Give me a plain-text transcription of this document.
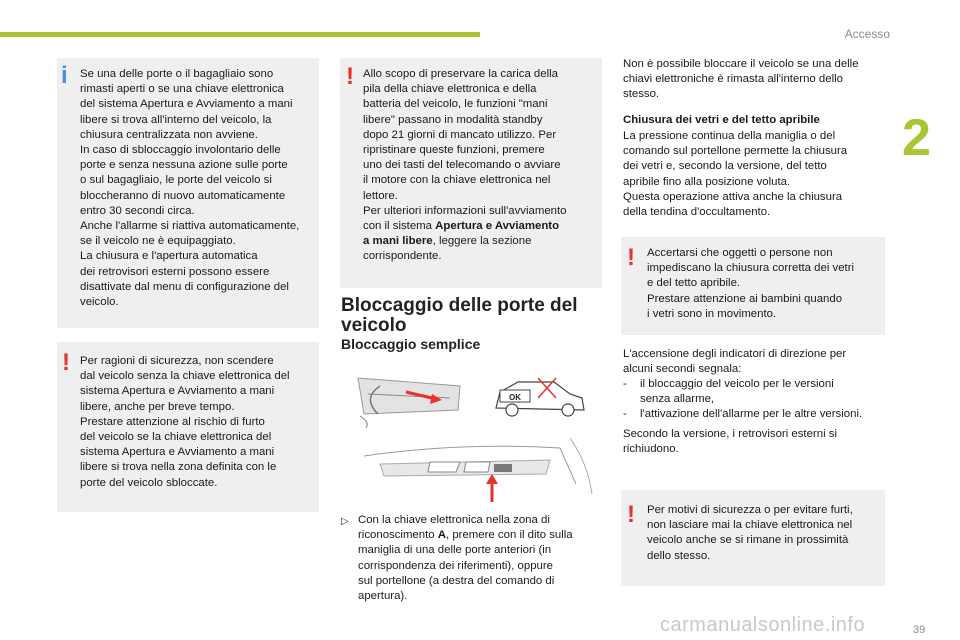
Accesso
2
i Se una delle porte o il bagagliaio sono
rimasti aperti o se una chiave elettronica
del sistema Apertura e Avviamento a mani
libere si trova all'interno del veicolo, la
chiusura centralizzata non avviene.

In caso di sbloccaggio involontario delle
porte e senza nessuna azione sulle porte
o sul bagagliaio, le porte del veicolo si
bloccheranno di nuovo automaticamente
entro 30 secondi circa.

Anche l'allarme si riattiva automaticamente,
se il veicolo ne è equipaggiato.

La chiusura e l'apertura automatica
dei retrovisori esterni possono essere
disattivate dal menu di configurazione del
veicolo.

! Per ragioni di sicurezza, non scendere
dal veicolo senza la chiave elettronica del
sistema Apertura e Avviamento a mani
libere, anche per breve tempo.

Prestare attenzione al rischio di furto
del veicolo se la chiave elettronica del
sistema Apertura e Avviamento a mani
libere si trova nella zona definita con le
porte del veicolo sbloccate.

! Allo scopo di preservare la carica della
pila della chiave elettronica e della
batteria del veicolo, le funzioni "mani
libere" passano in modalità standby
dopo 21 giorni di mancato utilizzo. Per
ripristinare queste funzioni, premere
uno dei tasti del telecomando o avviare
il motore con la chiave elettronica nel
lettore.

Per ulteriori informazioni sull'avviamento
con il sistema Apertura e Avviamento
a mani libere, leggere la sezione
corrispondente.

Bloccaggio delle porte del
veicolo
Bloccaggio semplice
OK
▷ Con la chiave elettronica nella zona di
riconoscimento A, premere con il dito sulla
maniglia di una delle porte anteriori (in
corrispondenza dei riferimenti), oppure
sul portellone (a destra del comando di
apertura).

Non è possibile bloccare il veicolo se una delle
chiavi elettroniche è rimasta all'interno dello
stesso.
Chiusura dei vetri e del tetto apribile
La pressione continua della maniglia o del
comando sul portellone permette la chiusura
dei vetri e, secondo la versione, del tetto
apribile fino alla posizione voluta.
Questa operazione attiva anche la chiusura
della tendina d'occultamento.
! Accertarsi che oggetti o persone non
impediscano la chiusura corretta dei vetri
e del tetto apribile.
Prestare attenzione ai bambini quando
i vetri sono in movimento.
L'accensione degli indicatori di direzione per
alcuni secondi segnala:
- il bloccaggio del veicolo per le versioni
senza allarme,
- l'attivazione dell'allarme per le altre versioni.
Secondo la versione, i retrovisori esterni si
richiudono.
! Per motivi di sicurezza o per evitare furti,
non lasciare mai la chiave elettronica nel
veicolo anche se si rimane in prossimità
dello stesso.
39
carmanualsonline.info
